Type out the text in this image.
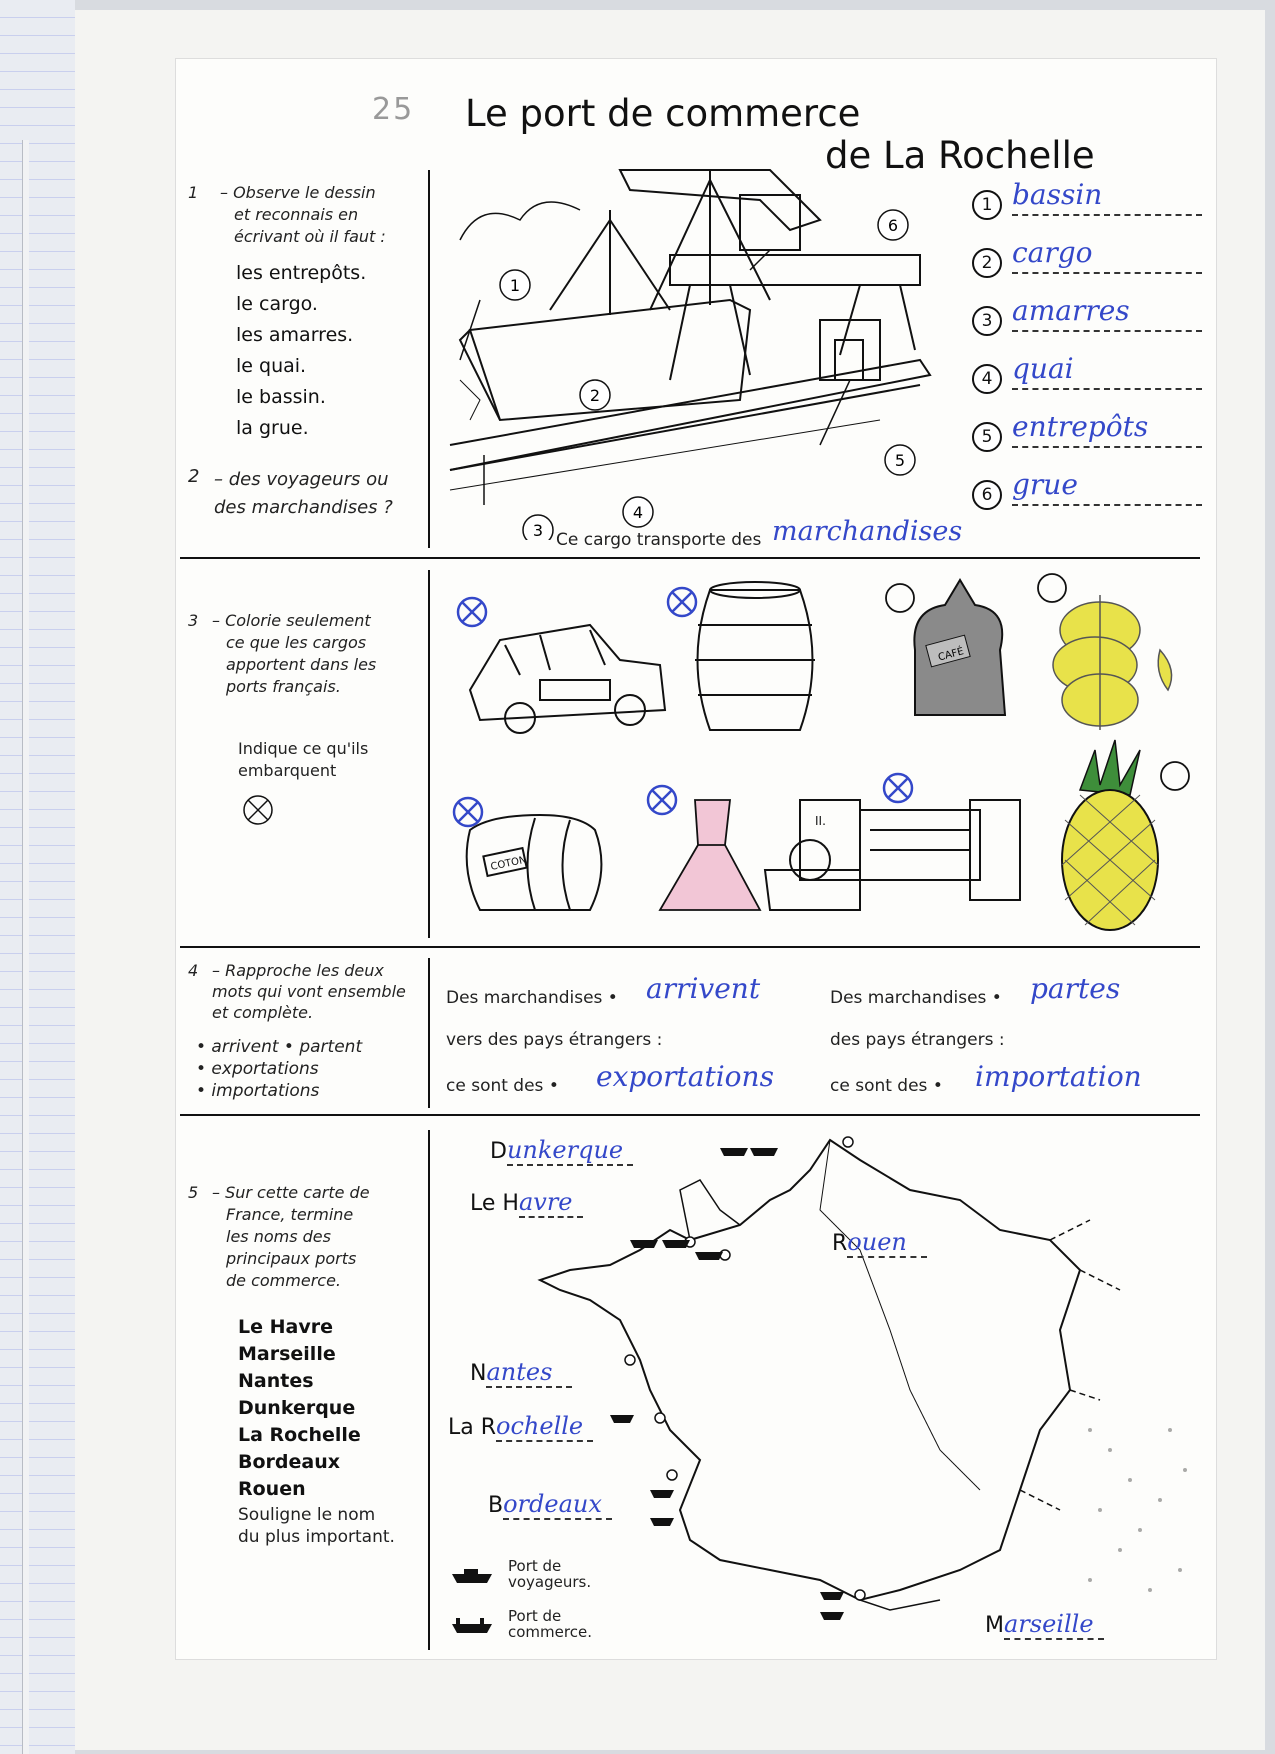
25 Le port de commerce
de La Rochelle
1 – Observe le dessin
et reconnais en
écrivant où il faut :
les entrepôts.
le cargo.
les amarres.
le quai.
le bassin.
la grue.
2 – des voyageurs ou
des marchandises ?
1
2
3
4
5
6
1 bassin
2 cargo
3 amarres
4 quai
5 entrepôts
6 grue
Ce cargo transporte des marchandises
3 – Colorie seulement
ce que les cargos
apportent dans les
ports français.
Indique ce qu'ils
embarquent
CAFÉ
COTON
II.
4 – Rapproche les deux
mots qui vont ensemble
et complète.
• arrivent • partent
• exportations
• importations
Des marchandises • arrivent
vers des pays étrangers :
ce sont des • exportations
Des marchandises • partes
des pays étrangers :
ce sont des • importation
5 – Sur cette carte de
France, termine
les noms des
principaux ports
de commerce.
Le Havre
Marseille
Nantes
Dunkerque
La Rochelle
Bordeaux
Rouen
Souligne le nom
du plus important.
Dunkerque
Le Havre
Rouen
Nantes
La Rochelle
Bordeaux
Marseille
Port de
voyageurs.
Port de
commerce.
